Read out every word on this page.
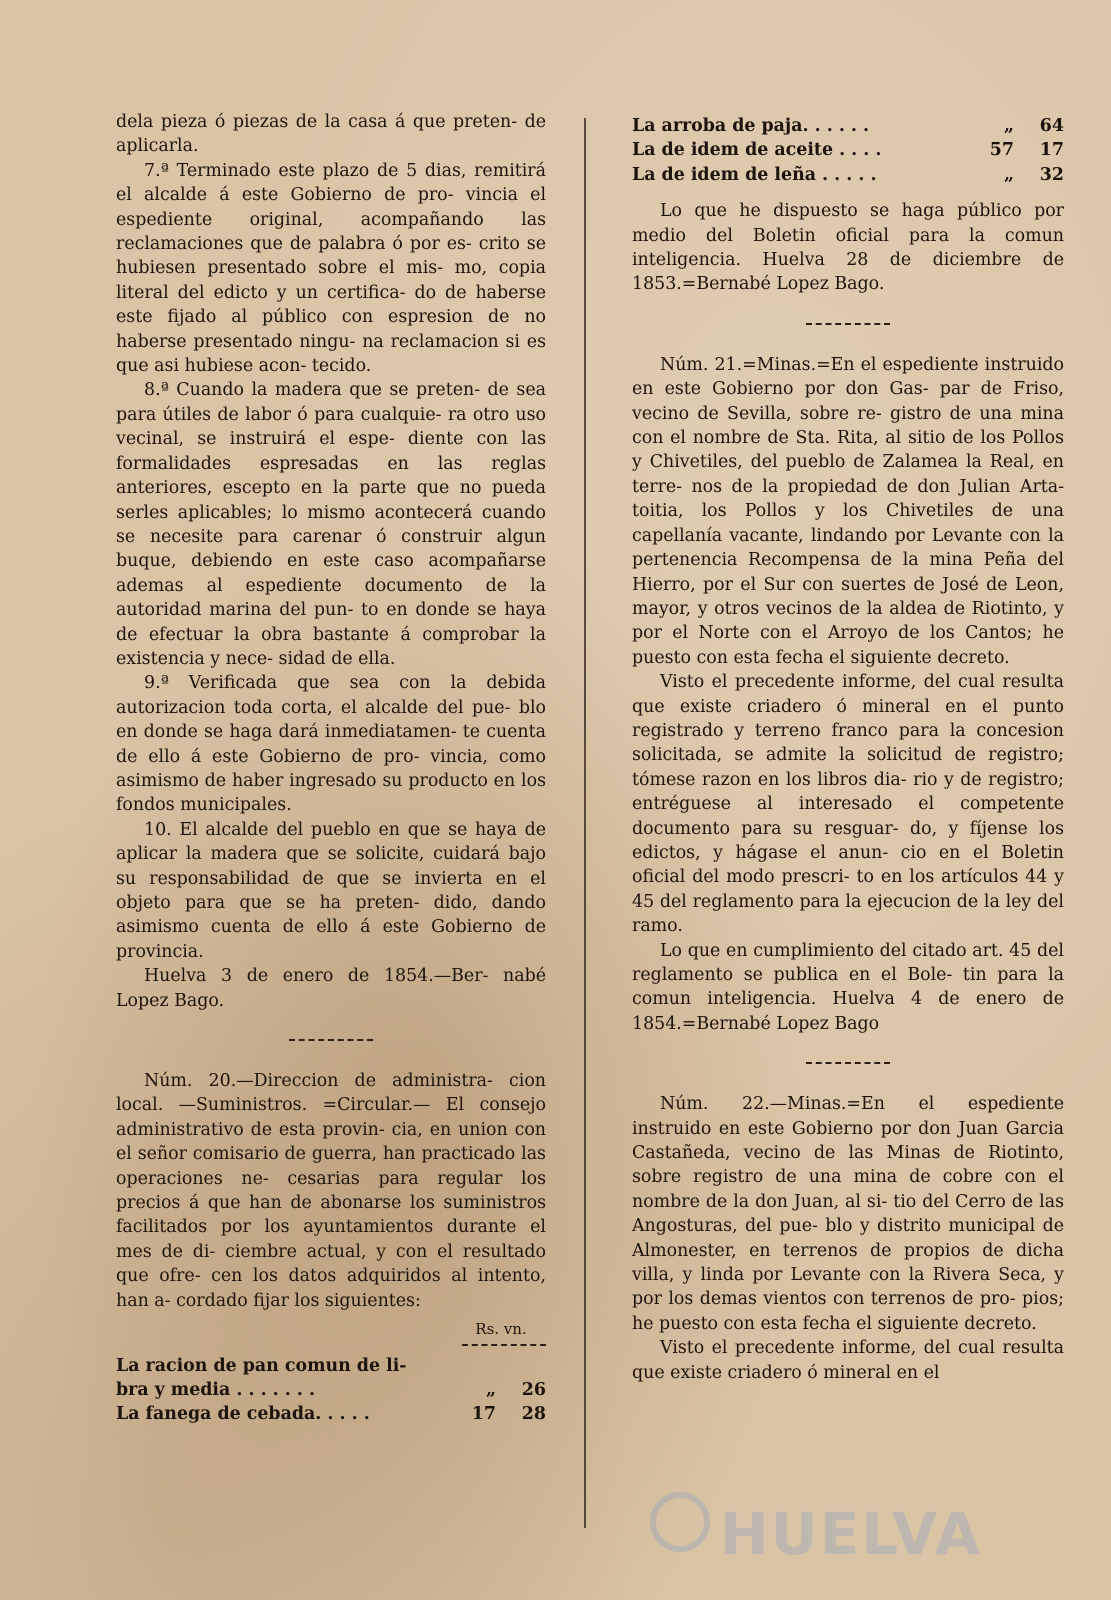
dela pieza ó piezas de la casa á que preten- de aplicarla.

7.ª Terminado este plazo de 5 dias, remitirá el alcalde á este Gobierno de pro- vincia el espediente original, acompañando las reclamaciones que de palabra ó por es- crito se hubiesen presentado sobre el mis- mo, copia literal del edicto y un certifica- do de haberse este fijado al público con espresion de no haberse presentado ningu- na reclamacion si es que asi hubiese acon- tecido.

8.ª Cuando la madera que se preten- de sea para útiles de labor ó para cualquie- ra otro uso vecinal, se instruirá el espe- diente con las formalidades espresadas en las reglas anteriores, escepto en la parte que no pueda serles aplicables; lo mismo acontecerá cuando se necesite para carenar ó construir algun buque, debiendo en este caso acompañarse ademas al espediente documento de la autoridad marina del pun- to en donde se haya de efectuar la obra bastante á comprobar la existencia y nece- sidad de ella.

9.ª Verificada que sea con la debida autorizacion toda corta, el alcalde del pue- blo en donde se haga dará inmediatamen- te cuenta de ello á este Gobierno de pro- vincia, como asimismo de haber ingresado su producto en los fondos municipales.

10. El alcalde del pueblo en que se haya de aplicar la madera que se solicite, cuidará bajo su responsabilidad de que se invierta en el objeto para que se ha preten- dido, dando asimismo cuenta de ello á este Gobierno de provincia.

Huelva 3 de enero de 1854.—Ber- nabé Lopez Bago.

Núm. 20.—Direccion de administra- cion local. —Suministros. =Circular.— El consejo administrativo de esta provin- cia, en union con el señor comisario de guerra, han practicado las operaciones ne- cesarias para regular los precios á que han de abonarse los suministros facilitados por los ayuntamientos durante el mes de di- ciembre actual, y con el resultado que ofre- cen los datos adquiridos al intento, han a- cordado fijar los siguientes:

Rs. vn.
La racion de pan comun de li-
bra y media . . . . . . .	„	26
La fanega de cebada. . . . .	17	28
La arroba de paja. . . . . .	„	64
La de idem de aceite . . . .	57	17
La de idem de leña . . . . .	„	32

Lo que he dispuesto se haga público por medio del Boletin oficial para la comun inteligencia. Huelva 28 de diciembre de 1853.=Bernabé Lopez Bago.

Núm. 21.=Minas.=En el espediente instruido en este Gobierno por don Gas- par de Friso, vecino de Sevilla, sobre re- gistro de una mina con el nombre de Sta. Rita, al sitio de los Pollos y Chivetiles, del pueblo de Zalamea la Real, en terre- nos de la propiedad de don Julian Arta- toitia, los Pollos y los Chivetiles de una capellanía vacante, lindando por Levante con la pertenencia Recompensa de la mina Peña del Hierro, por el Sur con suertes de José de Leon, mayor, y otros vecinos de la aldea de Riotinto, y por el Norte con el Arroyo de los Cantos; he puesto con esta fecha el siguiente decreto.

Visto el precedente informe, del cual resulta que existe criadero ó mineral en el punto registrado y terreno franco para la concesion solicitada, se admite la solicitud de registro; tómese razon en los libros dia- rio y de registro; entréguese al interesado el competente documento para su resguar- do, y fíjense los edictos, y hágase el anun- cio en el Boletin oficial del modo prescri- to en los artículos 44 y 45 del reglamento para la ejecucion de la ley del ramo.

Lo que en cumplimiento del citado art. 45 del reglamento se publica en el Bole- tin para la comun inteligencia. Huelva 4 de enero de 1854.=Bernabé Lopez Bago

Núm. 22.—Minas.=En el espediente instruido en este Gobierno por don Juan Garcia Castañeda, vecino de las Minas de Riotinto, sobre registro de una mina de cobre con el nombre de la don Juan, al si- tio del Cerro de las Angosturas, del pue- blo y distrito municipal de Almonester, en terrenos de propios de dicha villa, y linda por Levante con la Rivera Seca, y por los demas vientos con terrenos de pro- pios; he puesto con esta fecha el siguiente decreto.

Visto el precedente informe, del cual resulta que existe criadero ó mineral en el

HUELVA
